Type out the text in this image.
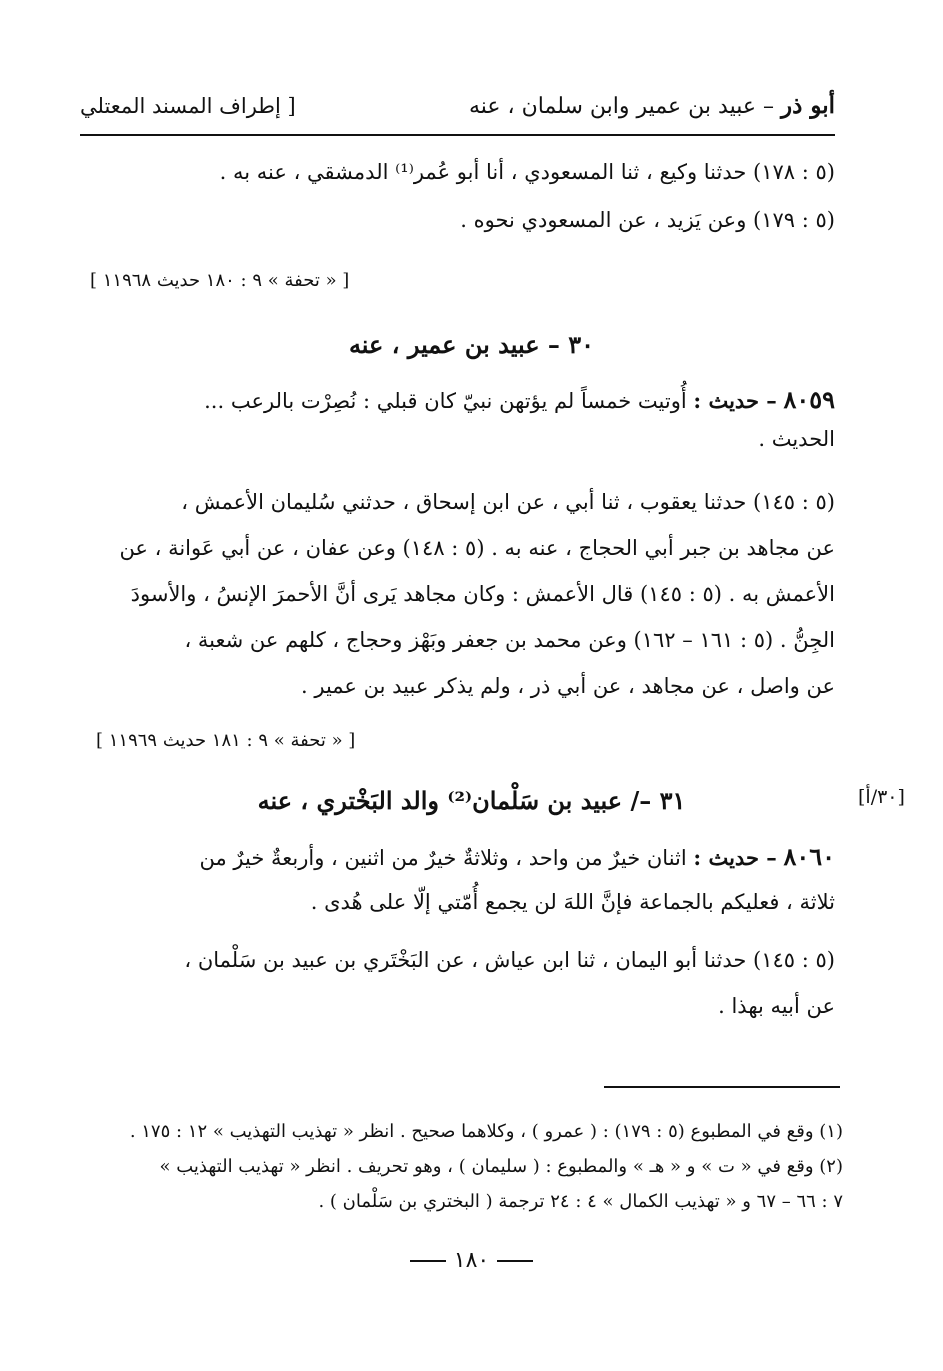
أبو ذر – عبيد بن عمير وابن سلمان ، عنه
[ إطراف المسند المعتلي
(٥ : ١٧٨) حدثنا وكيع ، ثنا المسعودي ، أنا أبو عُمر⁽¹⁾ الدمشقي ، عنه به .
(٥ : ١٧٩) وعن يَزيد ، عن المسعودي نحوه .
[ « تحفة » ٩ : ١٨٠ حديث ١١٩٦٨ ]
٣٠ – عبيد بن عمير ، عنه
٨٠٥٩ – حديث : أُوتيت خمساً لم يؤتهن نبيّ كان قبلي : نُصِرْت بالرعب ...
الحديث .
(٥ : ١٤٥) حدثنا يعقوب ، ثنا أبي ، عن ابن إسحاق ، حدثني سُليمان الأعمش ،
عن مجاهد بن جبر أبي الحجاج ، عنه به . (٥ : ١٤٨) وعن عفان ، عن أبي عَوانة ، عن
الأعمش به . (٥ : ١٤٥) قال الأعمش : وكان مجاهد يَرى أنَّ الأحمرَ الإنسُ ، والأسودَ
الجِنُّ . (٥ : ١٦١ – ١٦٢) وعن محمد بن جعفر وبَهْز وحجاج ، كلهم عن شعبة ،
عن واصل ، عن مجاهد ، عن أبي ذر ، ولم يذكر عبيد بن عمير .
[ « تحفة » ٩ : ١٨١ حديث ١١٩٦٩ ]
[٣٠/أ]
٣١ –/ عبيد بن سَلْمان⁽²⁾ والد البَخْتري ، عنه
٨٠٦٠ – حديث : اثنان خيرٌ من واحد ، وثلاثةٌ خيرٌ من اثنين ، وأربعةٌ خيرٌ من
ثلاثة ، فعليكم بالجماعة فإنَّ اللهَ لن يجمع أُمّتي إلّا على هُدى .
(٥ : ١٤٥) حدثنا أبو اليمان ، ثنا ابن عياش ، عن البَخْتَري بن عبيد بن سَلْمان ،
عن أبيه بهذا .
(١) وقع في المطبوع (٥ : ١٧٩) : ( عمرو ) ، وكلاهما صحيح . انظر « تهذيب التهذيب » ١٢ : ١٧٥ .
(٢) وقع في « ت » و « هـ » والمطبوع : ( سليمان ) ، وهو تحريف . انظر « تهذيب التهذيب »
٧ : ٦٦ – ٦٧ و « تهذيب الكمال » ٤ : ٢٤ ترجمة ( البختري بن سَلْمان ) .
١٨٠
